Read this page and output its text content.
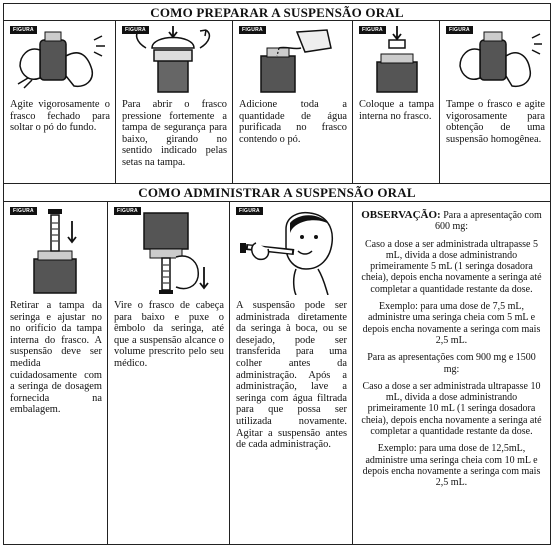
COMO PREPARAR A SUSPENSÃO ORAL
FIGURA
Agite vigorosamente o frasco fechado para soltar o pó do fundo.
FIGURA
Para abrir o frasco pressione fortemente a tampa de segurança para baixo, girando no sentido indicado pelas setas na tampa.
FIGURA
Adicione toda a quantidade de água purificada no frasco contendo o pó.
FIGURA
Coloque a tampa interna no frasco.
FIGURA
Tampe o frasco e agite vigorosamente para obtenção de uma suspensão homogênea.
COMO ADMINISTRAR A SUSPENSÃO ORAL
FIGURA
Retirar a tampa da seringa e ajustar no no orifício da tampa interna do frasco. A suspensão deve ser medida cuidadosamente com a seringa de dosagem fornecida na embalagem.
FIGURA
Vire o frasco de cabeça para baixo e puxe o êmbolo da seringa, até que a suspensão alcance o volume prescrito pelo seu médico.
FIGURA
A suspensão pode ser administrada diretamente da seringa à boca, ou se desejado, pode ser transferida para uma colher antes da administração. Após a administração, lave a seringa com água filtrada para que possa ser utilizada novamente. Agitar a suspensão antes de cada administração.

OBSERVAÇÃO: Para a apresentação com 600 mg:

Caso a dose a ser administrada ultrapasse 5 mL, divida a dose administrando primeiramente 5 mL (1 seringa dosadora cheia), depois encha novamente a seringa até completar a quantidade restante da dose.

Exemplo: para uma dose de 7,5 mL, administre uma seringa cheia com 5 mL e depois encha novamente a seringa com mais 2,5 mL.

Para as apresentações com 900 mg e 1500 mg:

Caso a dose a ser administrada ultrapasse 10 mL, divida a dose administrando primeiramente 10 mL (1 seringa dosadora cheia), depois encha novamente a seringa até completar a quantidade restante da dose.

Exemplo: para uma dose de 12,5mL, administre uma seringa cheia com 10 mL e depois encha novamente a seringa com mais 2,5 mL.
